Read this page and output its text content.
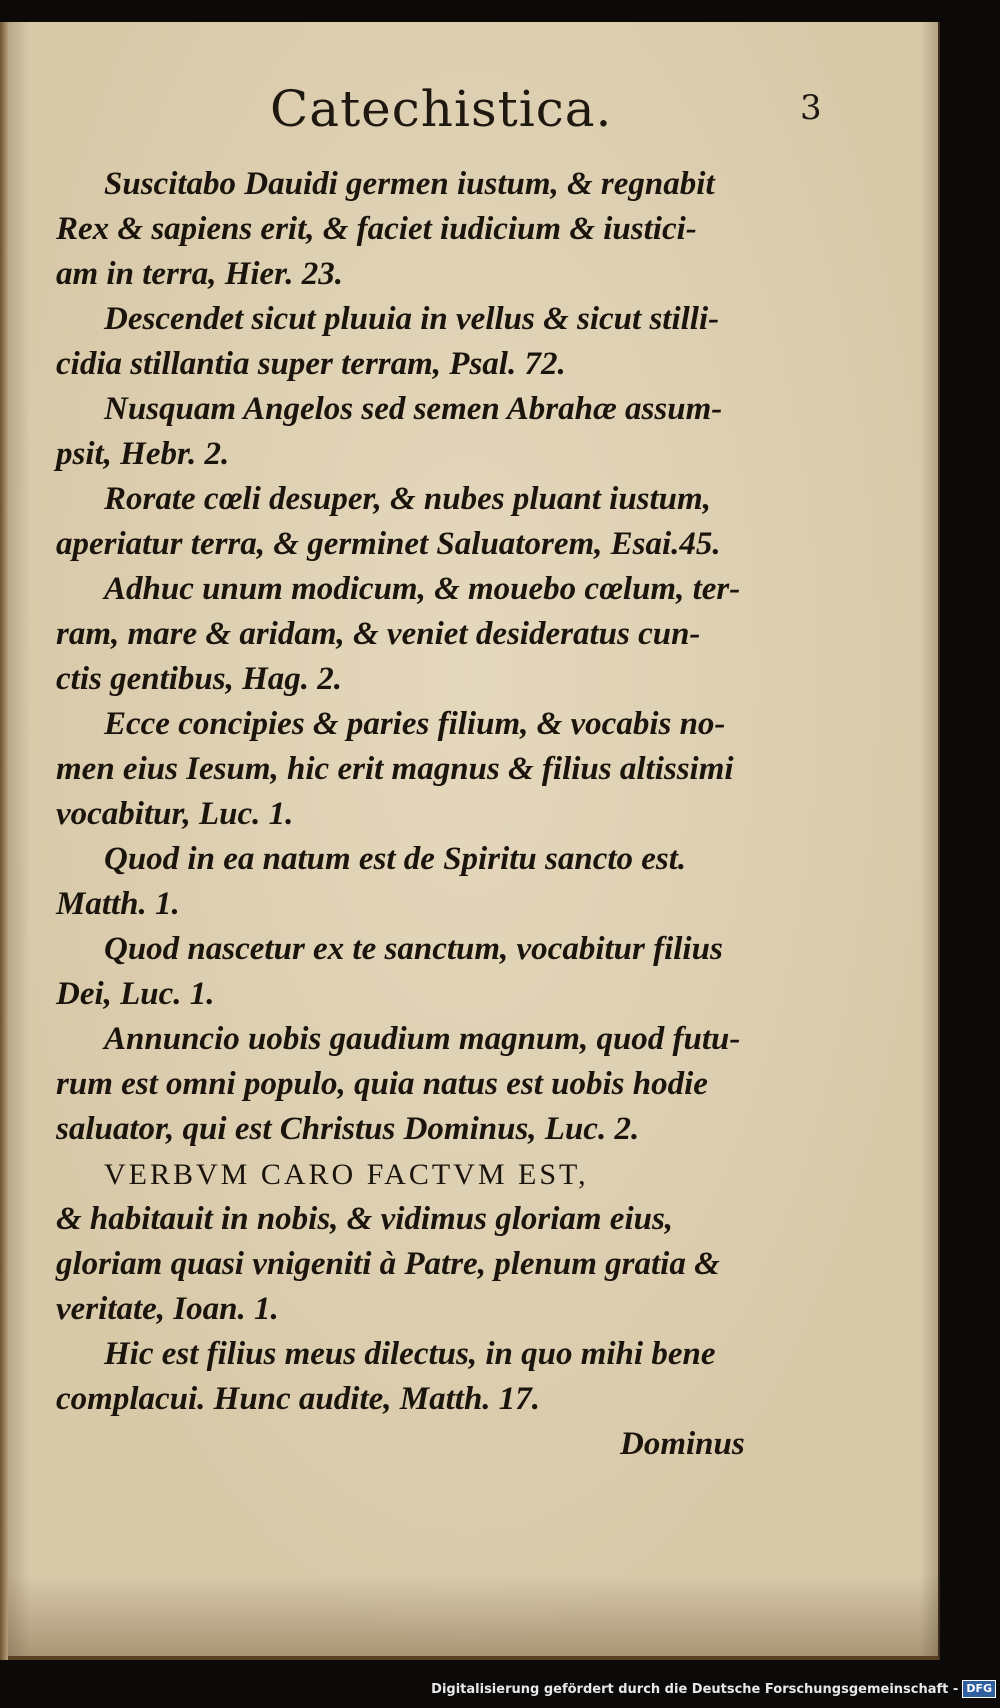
Catechistica.	3
Suscitabo Dauidi germen iustum, & regnabit
Rex & sapiens erit, & faciet iudicium & iustici-
am in terra, Hier. 23.
Descendet sicut pluuia in vellus & sicut stilli-
cidia stillantia super terram, Psal. 72.
Nusquam Angelos sed semen Abrahæ assum-
psit, Hebr. 2.
Rorate cœli desuper, & nubes pluant iustum,
aperiatur terra, & germinet Saluatorem, Esai.45.
Adhuc unum modicum, & mouebo cœlum, ter-
ram, mare & aridam, & veniet desideratus cun-
ctis gentibus, Hag. 2.
Ecce concipies & paries filium, & vocabis no-
men eius Iesum, hic erit magnus & filius altissimi
vocabitur, Luc. 1.
Quod in ea natum est de Spiritu sancto est.
Matth. 1.
Quod nascetur ex te sanctum, vocabitur filius
Dei, Luc. 1.
Annuncio uobis gaudium magnum, quod futu-
rum est omni populo, quia natus est uobis hodie
saluator, qui est Christus Dominus, Luc. 2.
VERBVM CARO FACTVM EST,
& habitauit in nobis, & vidimus gloriam eius,
gloriam quasi vnigeniti à Patre, plenum gratia &
veritate, Ioan. 1.
Hic est filius meus dilectus, in quo mihi bene
complacui. Hunc audite, Matth. 17.
Dominus
Digitalisierung gefördert durch die Deutsche Forschungsgemeinschaft - DFG
